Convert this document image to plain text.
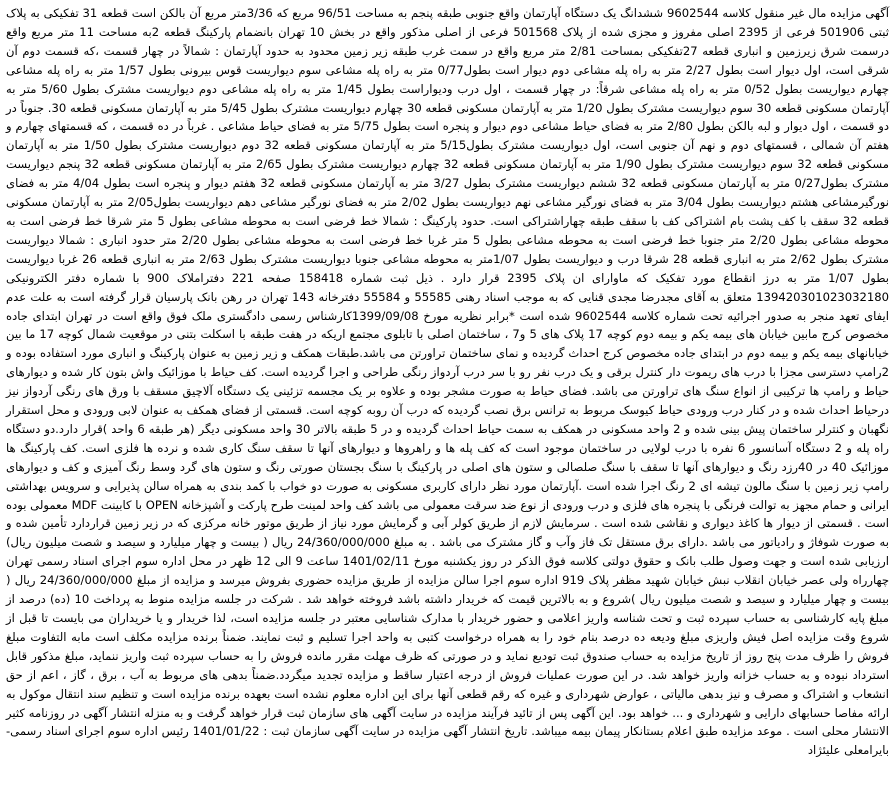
آگهی مزایده مال غیر منقول کلاسه 9602544 ششدانگ یک دستگاه آپارتمان واقع جنوبی طبقه پنجم به مساحت 96/51 مربع که 3/36متر مربع آن بالکن است قطعه 31 تفکیکی به پلاک ثبتی 501906 فرعی از 2395 اصلی مفروز و مجزی شده از پلاک 501568 فرعی از اصلی مذکور واقع در بخش 10 تهران بانضمام پارکینگ قطعه 2به مساحت 11 متر مربع واقع درسمت شرق زیرزمین و انباری قطعه 27تفکیکی بمساحت 2/81 متر مربع واقع در سمت غرب طبقه زیر زمین محدود به حدود آپارتمان : شمالاً در چهار قسمت ،که قسمت دوم آن شرقی است، اول دیوار است بطول 2/27 متر به راه پله مشاعی دوم دیوار است بطول0/77 متر به راه پله مشاعی سوم دیواریست قوس بیرونی بطول 1/57 متر به راه پله مشاعی چهارم دیواریست بطول 0/52 متر به راه پله مشاعی شرقاً: در چهار قسمت ، اول درب ودیواراست بطول 1/45 متر به راه پله مشاعی دوم دیواریست مشترک بطول 5/60 متر به آپارتمان مسکونی قطعه 30 سوم دیواریست مشترک بطول 1/20 متر به آپارتمان مسکونی قطعه 30 چهارم دیواریست مشترک بطول 5/45 متر به آپارتمان مسکونی قطعه 30. جنوباً در دو قسمت ، اول دیوار و لبه بالکن بطول 2/80 متر به فضای حیاط مشاعی دوم دیوار و پنجره است بطول 5/75 متر به فضای حیاط مشاعی . غرباً در ده قسمت ، که قسمتهای چهارم و هفتم آن شمالی ، قسمتهای دوم و نهم آن جنوبی است، اول دیواریست مشترک بطول5/15 متر به آپارتمان مسکونی قطعه 32 دوم دیواریست مشترک بطول 1/50 متر به آپارتمان مسکونی قطعه 32 سوم دیواریست مشترک بطول 1/90 متر به آپارتمان مسکونی قطعه 32 چهارم دیواریست مشترک بطول 2/65 متر به آپارتمان مسکونی قطعه 32 پنجم دیواریست مشترک بطول0/27 متر به آپارتمان مسکونی قطعه 32 ششم دیواریست مشترک بطول 3/27 متر به آپارتمان مسکونی قطعه 32 هفتم دیوار و پنجره است بطول 4/04 متر به فضای نورگیرمشاعی هشتم دیواریست بطول 3/04 متر به فضای نورگیر مشاعی نهم دیواریست بطول 2/02 متر به فضای نورگیر مشاعی دهم دیواریست بطول2/05 متر به آپارتمان مسکونی قطعه 32 سقف با کف پشت بام اشتراکی کف با سقف طبقه چهاراشتراکی است. حدود پارکینگ : شمالا خط فرضی است به محوطه مشاعی بطول 5 متر شرقا خط فرضی است به محوطه مشاعی بطول 2/20 متر جنوبا خط فرضی است به محوطه مشاعی بطول 5 متر غربا خط فرضی است به محوطه مشاعی بطول 2/20 متر حدود انباری : شمالا دیواریست مشترک بطول 2/62 متر به انباری قطعه 28 شرقا درب و دیواریست بطول 1/07متر به محوطه مشاعی جنوبا دیواریست مشترک بطول 2/63 متر به انباری قطعه 26 غربا دیواریست بطول 1/07 متر به درز انقطاع مورد تفکیک که ماوارای ان پلاک 2395 قرار دارد . ذیل ثبت شماره 158418 صفحه 221 دفتراملاک 900 با شماره دفتر الکترونیکی 139420301023032180 متعلق به آقای مجدرضا مجدی قنایی که به موجب اسناد رهنی 55585 و 55584 دفترخانه 143 تهران در رهن بانک پارسیان قرار گرفته است به علت عدم ایفای تعهد منجر به صدور اجرائیه تحت شماره کلاسه 9602544 شده است *برابر نظریه مورخ 1399/09/08کارشناس رسمی دادگستری ملک فوق واقع است در تهران ابتدای جاده مخصوص کرج مابین خیابان های بیمه یکم و بیمه دوم کوچه 17 پلاک های 5 و7 ، ساختمان اصلی با تابلوی مجتمع اریکه در هفت طبقه با اسکلت بتنی در موقعیت شمال کوچه 17 ما بین خیابانهای بیمه یکم و بیمه دوم در ابتدای جاده مخصوص کرج احداث گردیده و نمای ساختمان تراورتن می باشد.طبقات همکف و زیر زمین به عنوان پارکینگ و انباری مورد استفاده بوده و 2رامپ دسترسی مجزا با درب های ریموت دار کنترل برقی و یک درب نفر رو با سر درب آردواز رنگی طراحی و اجرا گردیده است. کف حیاط با موزائیک واش بتون کار شده و دیوارهای حیاط و رامپ ها ترکیبی از انواع سنگ های تراورتن می باشد. فضای حیاط به صورت مشجر بوده و علاوه بر یک مجسمه تزئینی یک دستگاه آلاچیق مسقف با ورق های رنگی آردواز نیز درحیاط احداث شده و در کنار درب ورودی حیاط کیوسک مربوط به ترانس برق نصب گردیده که درب آن روبه کوچه است. قسمتی از فضای همکف به عنوان لابی ورودی و محل استقرار نگهبان و کنترلر ساختمان پیش بینی شده و 2 واحد مسکونی در همکف به سمت حیاط احداث گردیده و در 5 طبقه بالاتر 30 واحد مسکونی دیگر (هر طبقه 6 واحد )قرار دارد.دو دستگاه راه پله و 2 دستگاه آسانسور 6 نفره با درب لولایی در ساختمان موجود است که کف پله ها و راهروها و دیوارهای آنها تا سقف سنگ کاری شده و نرده ها فلزی است. کف پارکینگ ها موزائیک 40 در 40رزد رنگ و دیوارهای آنها تا سقف با سنگ صلصالی و ستون های اصلی در پارکینگ با سنگ بجستان صورتی رنگ و ستون های گرد وسط رنگ آمیزی و کف و دیوارهای رامپ زیر زمین با سنگ مالون تیشه ای 2 رنگ اجرا شده است .آپارتمان مورد نظر دارای کاربری مسکونی به صورت دو خواب با کمد بندی به همراه سالن پذیرایی و سرویس بهداشتی ایرانی و حمام مجهز به توالت فرنگی با پنجره های فلزی و درب ورودی از نوع ضد سرقت معمولی می باشد کف واحد لمینت طرح پارکت و آشپزخانه OPEN با کابینت MDF معمولی بوده است . قسمتی از دیوار ها کاغذ دیواری و نقاشی شده است . سرمایش لازم از طریق کولر آبی و گرمایش مورد نیاز از طریق موتور خانه مرکزی که در زیر زمین قراردارد تأمین شده و به صورت شوفاژ و رادیاتور می باشد .دارای برق مستقل تک فاز وآب و گاز مشترک می باشد . به مبلغ 24/360/000/000 ریال ( بیست و چهار میلیارد و سیصد و شصت میلیون ریال) ارزیابی شده است و جهت وصول طلب بانک و حقوق دولتی کلاسه فوق الذکر در روز یکشنبه مورخ 1401/02/11 ساعت 9 الی 12 ظهر در محل اداره سوم اجرای اسناد رسمی تهران چهارراه ولی عصر خیابان انقلاب نبش خیابان شهید مظفر پلاک 919 اداره سوم اجرا سالن مزایده از طریق مزایده حضوری بفروش میرسد و مزایده از مبلغ 24/360/000/000 ریال ( بیست و چهار میلیارد و سیصد و شصت میلیون ریال )شروع و به بالاترین قیمت که خریدار داشته باشد فروخته خواهد شد . شرکت در جلسه مزایده منوط به پرداخت 10 (ده) درصد از مبلغ پایه کارشناسی به حساب سپرده ثبت و تحت شناسه واریز اعلامی و حضور خریدار با مدارک شناسایی معتبر در جلسه مزایده است، لذا خریدار و یا خریداران می بایست تا قبل از شروع وقت مزایده اصل فیش واریزی مبلغ ودیعه ده درصد بنام خود را به همراه درخواست کتبی به واحد اجرا تسلیم و ثبت نمایند. ضمناً برنده مزایده مکلف است مابه التفاوت مبلغ فروش را ظرف مدت پنج روز از تاریخ مزایده به حساب صندوق ثبت تودیع نماید و در صورتی که ظرف مهلت مقرر مانده فروش را به حساب سپرده ثبت واریز ننماید، مبلغ مذکور قابل استرداد نبوده و به حساب خزانه واریز خواهد شد. در این صورت عملیات فروش از درجه اعتبار ساقط و مزایده تجدید میگردد.ضمناً بدهی های مربوط به آب ، برق ، گاز ، اعم از حق انشعاب و اشتراک و مصرف و نیز بدهی مالیاتی ، عوارض شهرداری و غیره که رقم قطعی آنها برای این اداره معلوم نشده است بعهده برنده مزایده است و تنظیم سند انتقال موکول به ارائه مفاصا حسابهای دارایی و شهرداری و ... خواهد بود. این آگهی پس از تائید فرآیند مزایده در سایت آگهی های سازمان ثبت قرار خواهد گرفت و به منزله انتشار آگهی در روزنامه کثیر الانتشار محلی است . موعد مزایده طبق اعلام بستانکار پیمان بیمه میباشد. تاریخ انتشار آگهی مزایده در سایت آگهی سازمان ثبت : 1401/01/22 رئیس اداره سوم اجرای اسناد رسمی- بایرامعلی علیئژاد
